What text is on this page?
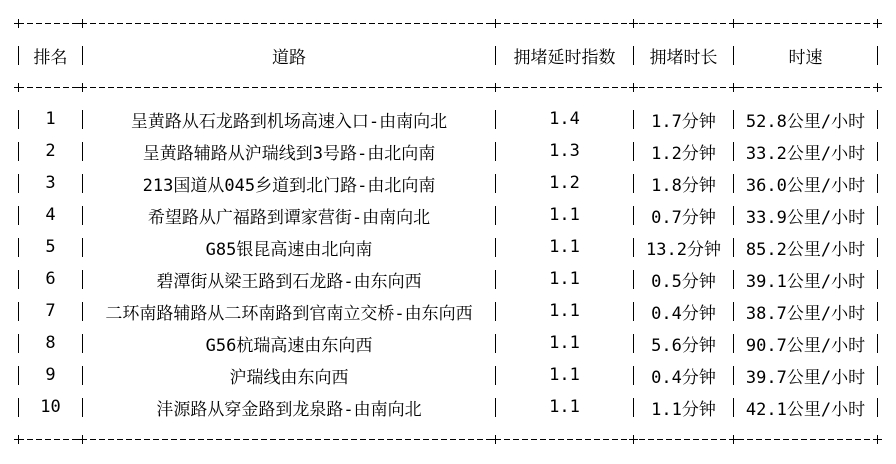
排名	道路	拥堵延时指数	拥堵时长	时速
1	呈黄路从石龙路到机场高速入口-由南向北	1.4	1.7分钟	52.8公里/小时
2	呈黄路辅路从沪瑞线到3号路-由北向南	1.3	1.2分钟	33.2公里/小时
3	213国道从045乡道到北门路-由北向南	1.2	1.8分钟	36.0公里/小时
4	希望路从广福路到谭家营街-由南向北	1.1	0.7分钟	33.9公里/小时
5	G85银昆高速由北向南	1.1	13.2分钟	85.2公里/小时
6	碧潭街从梁王路到石龙路-由东向西	1.1	0.5分钟	39.1公里/小时
7	二环南路辅路从二环南路到官南立交桥-由东向西	1.1	0.4分钟	38.7公里/小时
8	G56杭瑞高速由东向西	1.1	5.6分钟	90.7公里/小时
9	沪瑞线由东向西	1.1	0.4分钟	39.7公里/小时
10	沣源路从穿金路到龙泉路-由南向北	1.1	1.1分钟	42.1公里/小时
